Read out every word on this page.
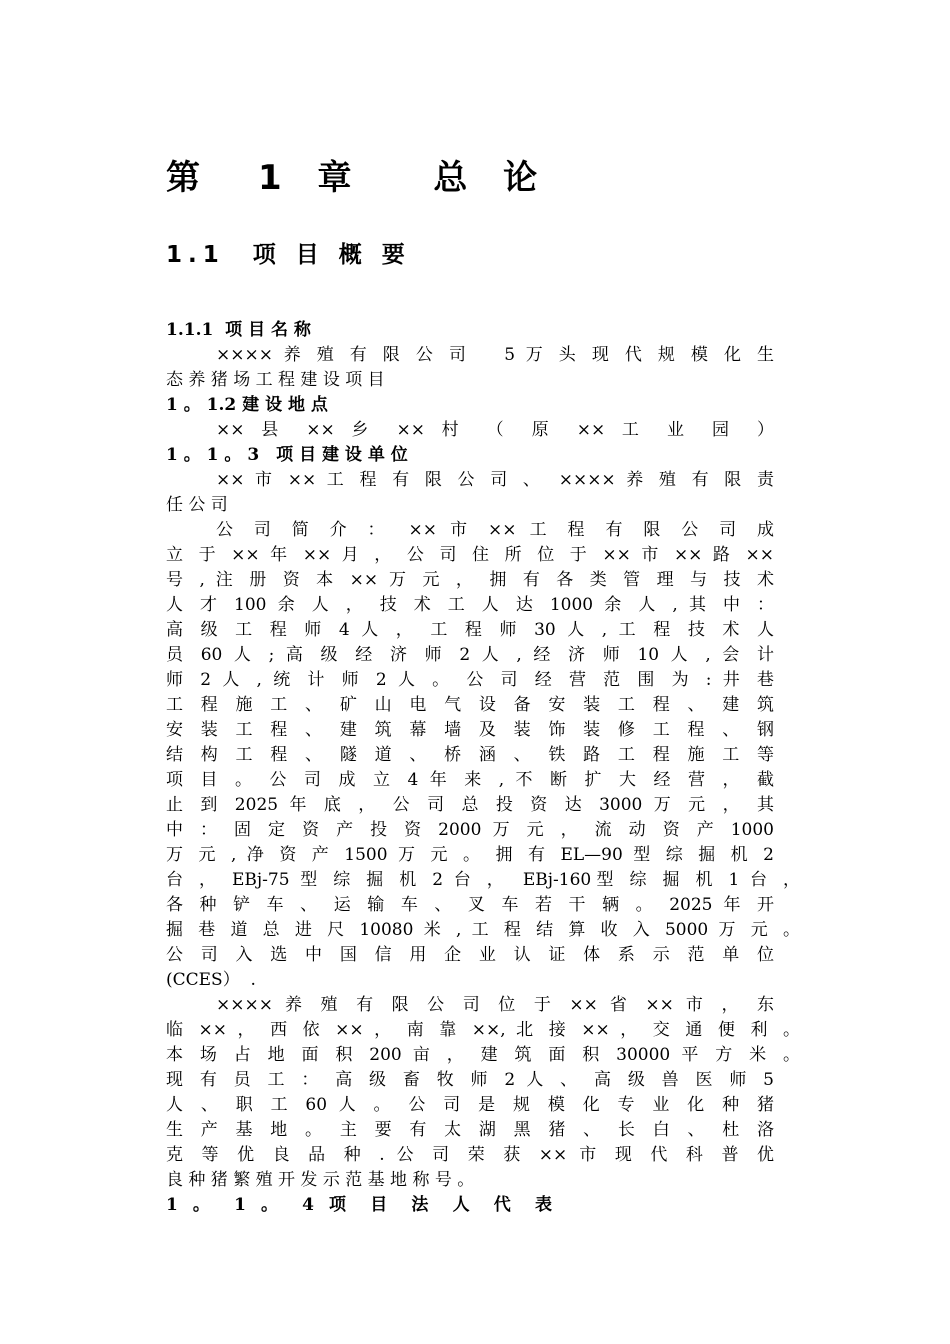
第　1 章　 总 论
1.1  项 目 概 要
1.1.1  项 目 名 称
×××× 养 殖 有 限 公 司　 5 万 头 现 代 规 模 化 生
态 养 猪 场 工 程 建 设 项 目
1 。 1.2 建 设 地 点
×× 县 ×× 乡 ×× 村 （ 原 ×× 工 业 园 ）
1 。 1 。 3　项 目 建 设 单 位
×× 市 ×× 工 程 有 限 公 司 、　×××× 养 殖 有 限 责
任 公 司
公 司 简 介 ：　×× 市 ×× 工 程 有 限 公 司 成
立 于 ×× 年 ×× 月 ， 公 司 住 所 位 于 ×× 市 ×× 路 ××
号 , 注 册 资 本 ×× 万 元 ， 拥 有 各 类 管 理 与 技 术
人 才 100 余 人 ， 技 术 工 人 达 1000 余 人 , 其 中 ：
高 级 工 程 师 4 人 ， 工 程 师 30 人 , 工 程 技 术 人
员 60 人 ; 高 级 经 济 师 2 人 , 经 济 师 10 人 , 会 计
师 2 人 , 统 计 师 2 人 。 公 司 经 营 范 围 为 : 井 巷
工 程 施 工 、 矿 山 电 气 设 备 安 装 工 程 、 建 筑
安 装 工 程 、 建 筑 幕 墙 及 装 饰 装 修 工 程 、 钢
结 构 工 程 、 隧 道 、 桥 涵 、 铁 路 工 程 施 工 等
项 目 。 公 司 成 立 4 年 来 , 不 断 扩 大 经 营 ， 截
止 到 2025 年 底 ， 公 司 总 投 资 达 3000 万 元 ， 其
中 ： 固 定 资 产 投 资 2000 万 元 ， 流 动 资 产 1000
万 元 , 净 资 产 1500 万 元 。 拥 有 EL—90 型 综 掘 机 2
台 ， EBj-75 型 综 掘 机 2 台 ，　EBj-160型 综 掘 机 1 台 ，
各 种 铲 车 、 运 输 车 、 叉 车 若 干 辆 。 2025 年 开
掘 巷 道 总 进 尺 10080 米 , 工 程 结 算 收 入 5000 万 元 。
公 司 入 选 中 国 信 用 企 业 认 证 体 系 示 范 单 位
(CCES）  .
×××× 养 殖 有 限 公 司 位 于 ×× 省 ×× 市 ， 东
临 ×× ， 西 依 ×× ， 南 靠 ××, 北 接 ×× ， 交 通 便 利 。
本 场 占 地 面 积 200 亩 ， 建 筑 面 积 30000 平 方 米 。
现 有 员 工 ： 高 级 畜 牧 师 2 人 、 高 级 兽 医 师 5
人 、 职 工 60 人 。 公 司 是 规 模 化 专 业 化 种 猪
生 产 基 地 。 主 要 有 太 湖 黑 猪 、 长 白 、 杜 洛
克 等 优 良 品 种 . 公 司 荣 获 ×× 市 现 代 科 普 优
良 种 猪 繁 殖 开 发 示 范 基 地 称 号 。
1 。 1 。 4 项 目 法 人 代 表
